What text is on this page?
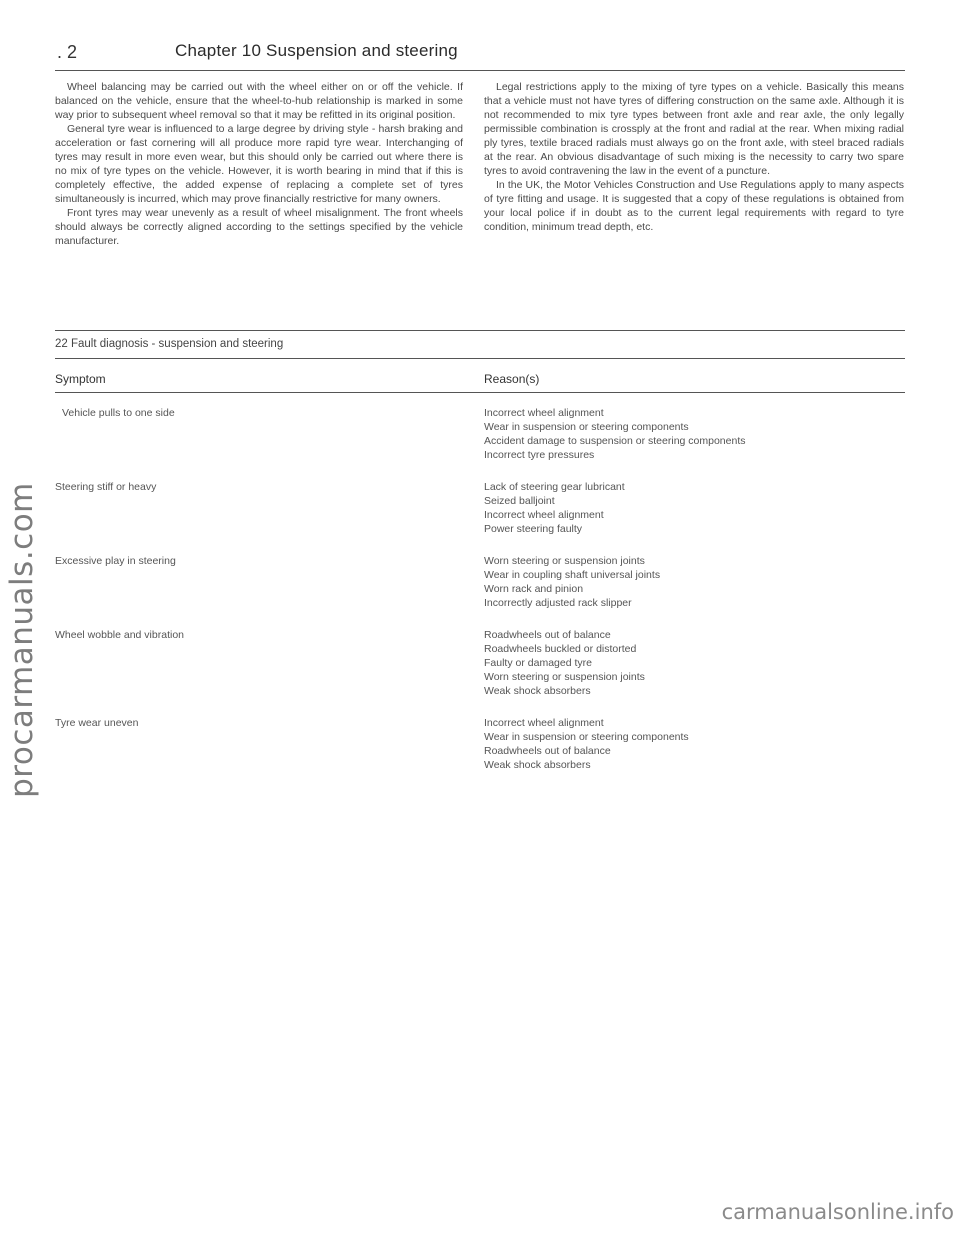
procarmanuals.com
. 2	Chapter 10 Suspension and steering

Wheel balancing may be carried out with the wheel either on or off the vehicle. If balanced on the vehicle, ensure that the wheel-to-hub relationship is marked in some way prior to subsequent wheel removal so that it may be refitted in its original position.

General tyre wear is influenced to a large degree by driving style - harsh braking and acceleration or fast cornering will all produce more rapid tyre wear. Interchanging of tyres may result in more even wear, but this should only be carried out where there is no mix of tyre types on the vehicle. However, it is worth bearing in mind that if this is completely effective, the added expense of replacing a complete set of tyres simultaneously is incurred, which may prove financially restrictive for many owners.

Front tyres may wear unevenly as a result of wheel misalignment. The front wheels should always be correctly aligned according to the settings specified by the vehicle manufacturer.

Legal restrictions apply to the mixing of tyre types on a vehicle. Basically this means that a vehicle must not have tyres of differing construction on the same axle. Although it is not recommended to mix tyre types between front axle and rear axle, the only legally permissible combination is crossply at the front and radial at the rear. When mixing radial ply tyres, textile braced radials must always go on the front axle, with steel braced radials at the rear. An obvious disadvantage of such mixing is the necessity to carry two spare tyres to avoid contravening the law in the event of a puncture.

In the UK, the Motor Vehicles Construction and Use Regulations apply to many aspects of tyre fitting and usage. It is suggested that a copy of these regulations is obtained from your local police if in doubt as to the current legal requirements with regard to tyre condition, minimum tread depth, etc.

22 Fault diagnosis - suspension and steering
Symptom	Reason(s)
Vehicle pulls to one side	Incorrect wheel alignment
Wear in suspension or steering components
Accident damage to suspension or steering components
Incorrect tyre pressures
Steering stiff or heavy	Lack of steering gear lubricant
Seized balljoint
Incorrect wheel alignment
Power steering faulty
Excessive play in steering	Worn steering or suspension joints
Wear in coupling shaft universal joints
Worn rack and pinion
Incorrectly adjusted rack slipper
Wheel wobble and vibration	Roadwheels out of balance
Roadwheels buckled or distorted
Faulty or damaged tyre
Worn steering or suspension joints
Weak shock absorbers
Tyre wear uneven	Incorrect wheel alignment
Wear in suspension or steering components
Roadwheels out of balance
Weak shock absorbers
carmanualsonline.info
